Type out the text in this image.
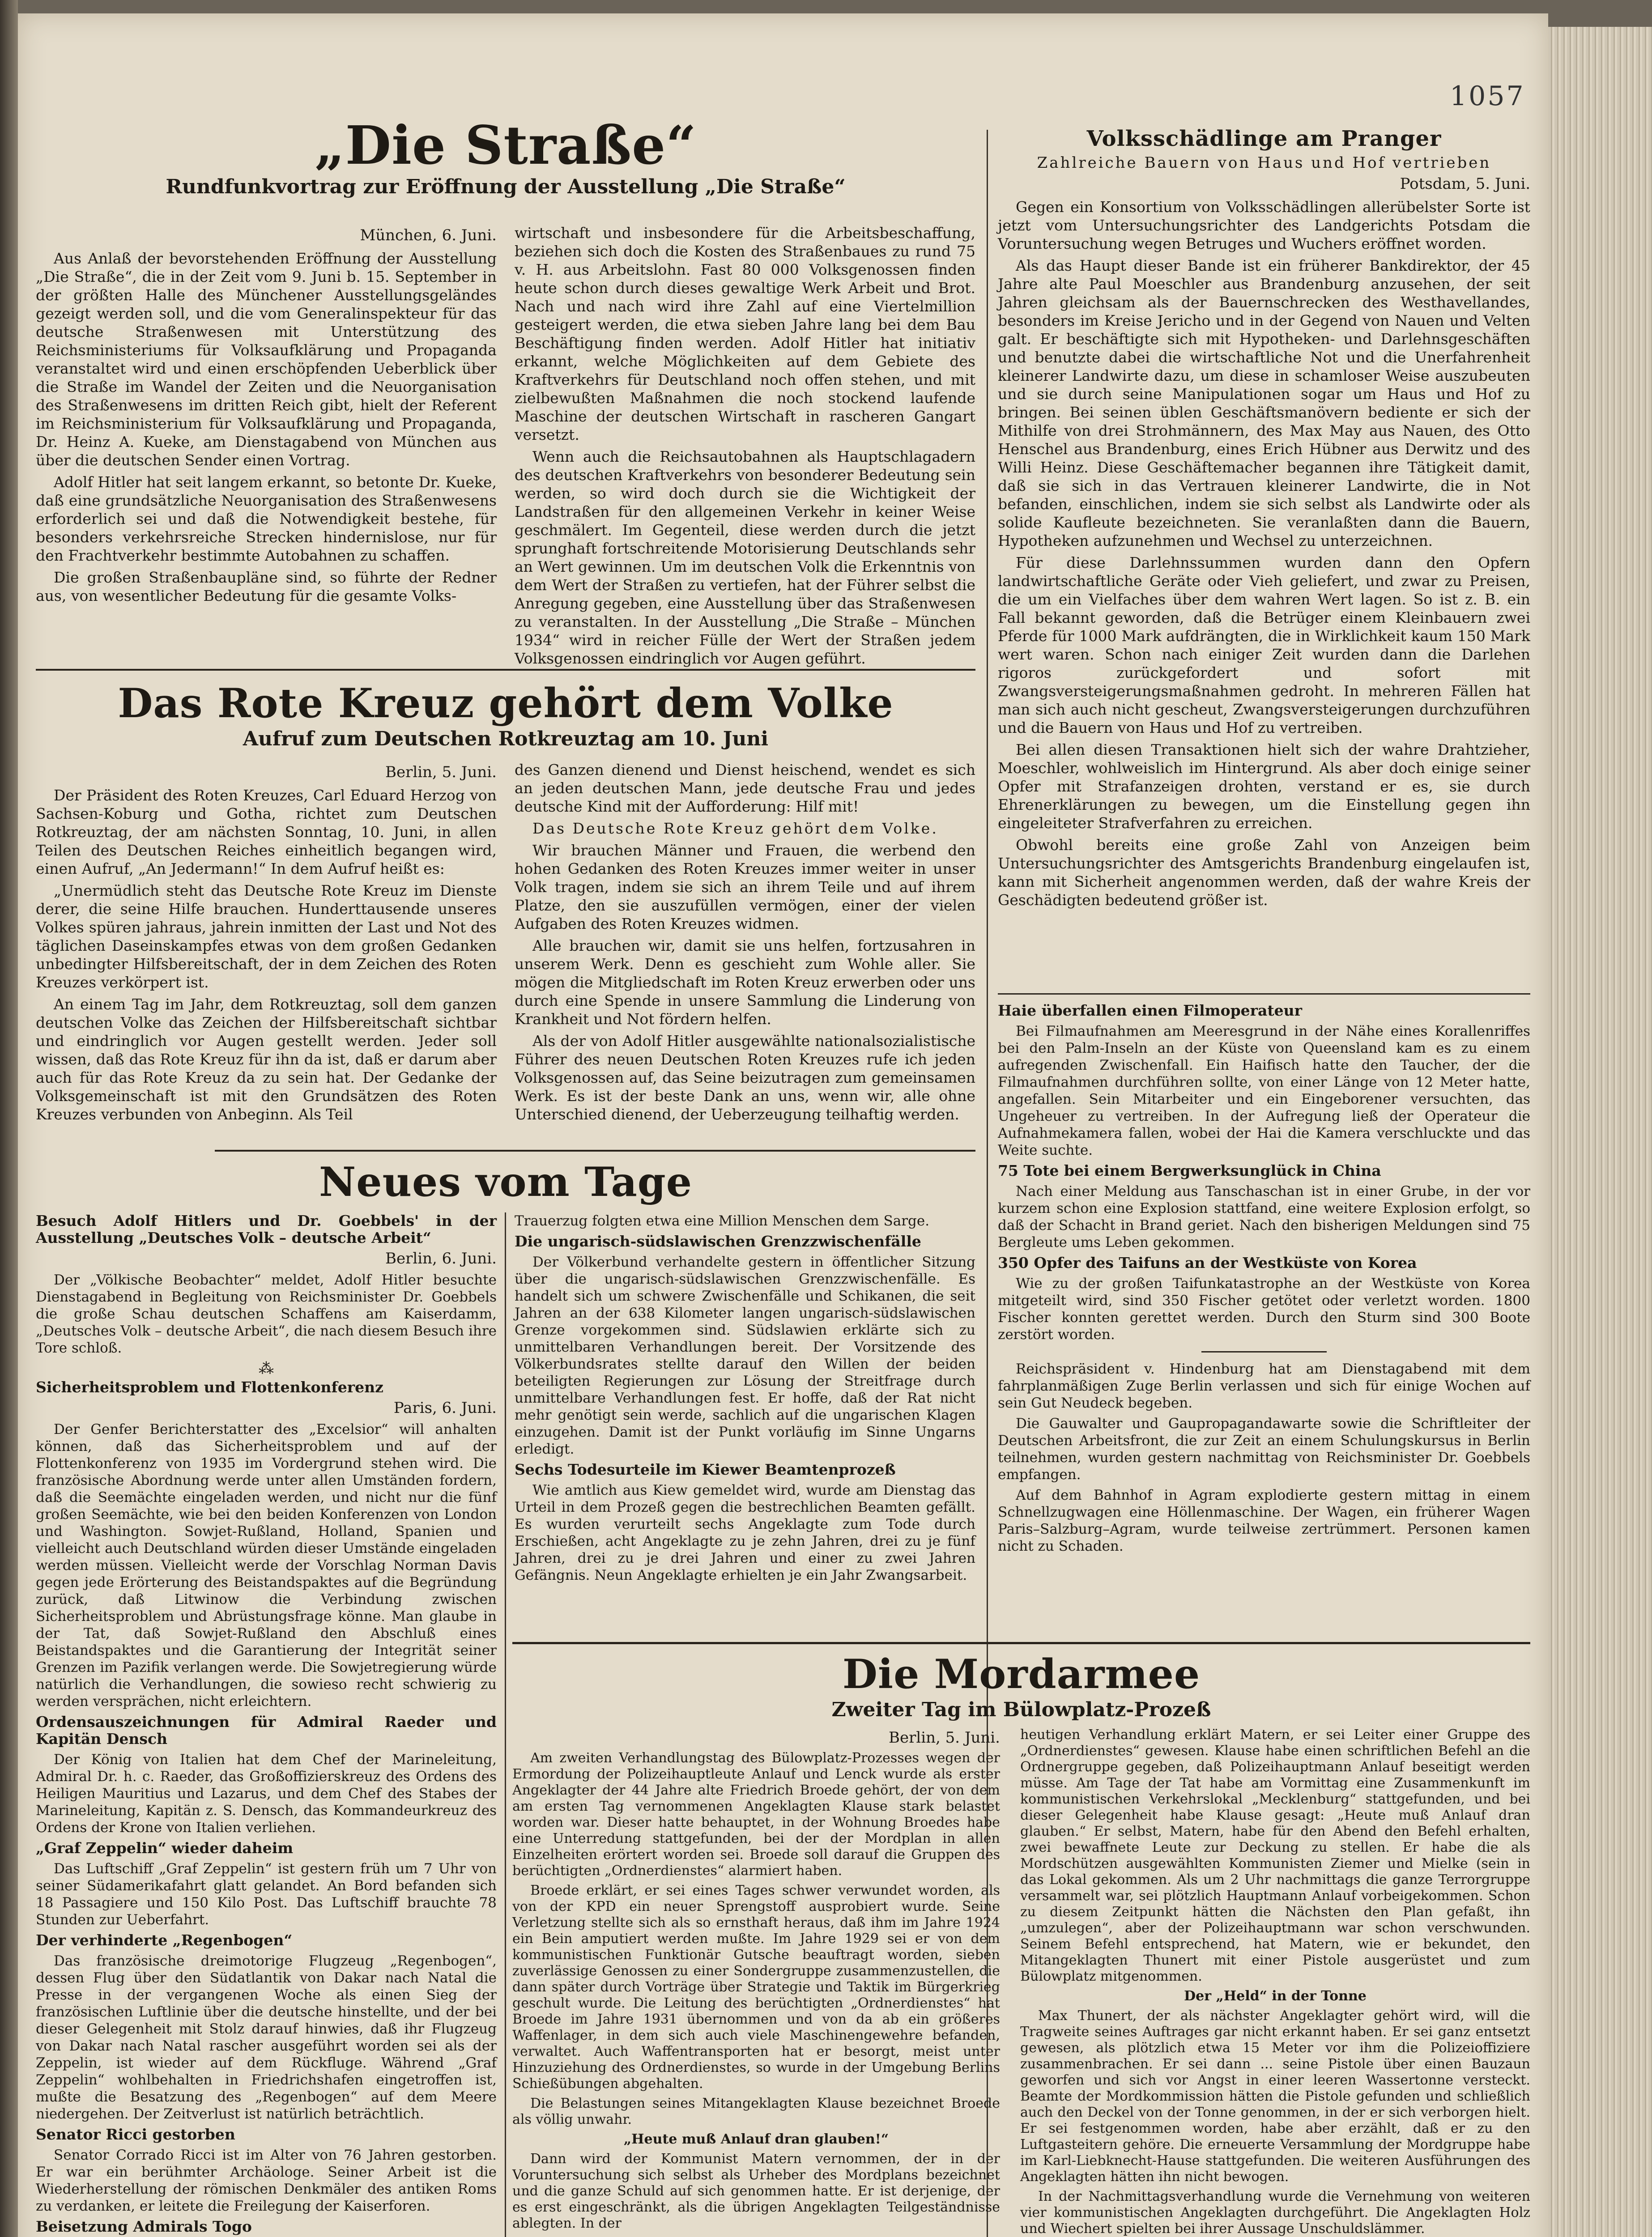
1057
„Die Straße“

Rundfunkvortrag zur Eröffnung der Ausstellung „Die Straße“

München, 6. Juni.

Aus Anlaß der bevorstehenden Eröffnung der Ausstellung „Die Straße“, die in der Zeit vom 9. Juni b. 15. September in der größten Halle des Münchener Ausstellungsgeländes gezeigt werden soll, und die vom Generalinspekteur für das deutsche Straßenwesen mit Unterstützung des Reichsministeriums für Volksaufklärung und Propaganda veranstaltet wird und einen erschöpfenden Ueberblick über die Straße im Wandel der Zeiten und die Neuorganisation des Straßenwesens im dritten Reich gibt, hielt der Referent im Reichsministerium für Volksaufklärung und Propaganda, Dr. Heinz A. Kueke, am Dienstagabend von München aus über die deutschen Sender einen Vortrag.

Adolf Hitler hat seit langem erkannt, so betonte Dr. Kueke, daß eine grundsätzliche Neuorganisation des Straßenwesens erforderlich sei und daß die Notwendigkeit bestehe, für besonders verkehrsreiche Strecken hindernislose, nur für den Frachtverkehr bestimmte Autobahnen zu schaffen.

Die großen Straßenbaupläne sind, so führte der Redner aus, von wesentlicher Bedeutung für die gesamte Volks-

wirtschaft und insbesondere für die Arbeitsbeschaffung, beziehen sich doch die Kosten des Straßenbaues zu rund 75 v. H. aus Arbeitslohn. Fast 80 000 Volksgenossen finden heute schon durch dieses gewaltige Werk Arbeit und Brot. Nach und nach wird ihre Zahl auf eine Viertelmillion gesteigert werden, die etwa sieben Jahre lang bei dem Bau Beschäftigung finden werden. Adolf Hitler hat initiativ erkannt, welche Möglichkeiten auf dem Gebiete des Kraftverkehrs für Deutschland noch offen stehen, und mit zielbewußten Maßnahmen die noch stockend laufende Maschine der deutschen Wirtschaft in rascheren Gangart versetzt.

Wenn auch die Reichsautobahnen als Hauptschlagadern des deutschen Kraftverkehrs von besonderer Bedeutung sein werden, so wird doch durch sie die Wichtigkeit der Landstraßen für den allgemeinen Verkehr in keiner Weise geschmälert. Im Gegenteil, diese werden durch die jetzt sprunghaft fortschreitende Motorisierung Deutschlands sehr an Wert gewinnen. Um im deutschen Volk die Erkenntnis von dem Wert der Straßen zu vertiefen, hat der Führer selbst die Anregung gegeben, eine Ausstellung über das Straßenwesen zu veranstalten. In der Ausstellung „Die Straße – München 1934“ wird in reicher Fülle der Wert der Straßen jedem Volksgenossen eindringlich vor Augen geführt.

Das Rote Kreuz gehört dem Volke

Aufruf zum Deutschen Rotkreuztag am 10. Juni

Berlin, 5. Juni.

Der Präsident des Roten Kreuzes, Carl Eduard Herzog von Sachsen-Koburg und Gotha, richtet zum Deutschen Rotkreuztag, der am nächsten Sonntag, 10. Juni, in allen Teilen des Deutschen Reiches einheitlich begangen wird, einen Aufruf, „An Jedermann!“ In dem Aufruf heißt es:

„Unermüdlich steht das Deutsche Rote Kreuz im Dienste derer, die seine Hilfe brauchen. Hunderttausende unseres Volkes spüren jahraus, jahrein inmitten der Last und Not des täglichen Daseinskampfes etwas von dem großen Gedanken unbedingter Hilfsbereitschaft, der in dem Zeichen des Roten Kreuzes verkörpert ist.

An einem Tag im Jahr, dem Rotkreuztag, soll dem ganzen deutschen Volke das Zeichen der Hilfsbereitschaft sichtbar und eindringlich vor Augen gestellt werden. Jeder soll wissen, daß das Rote Kreuz für ihn da ist, daß er darum aber auch für das Rote Kreuz da zu sein hat. Der Gedanke der Volksgemeinschaft ist mit den Grundsätzen des Roten Kreuzes verbunden von Anbeginn. Als Teil

des Ganzen dienend und Dienst heischend, wendet es sich an jeden deutschen Mann, jede deutsche Frau und jedes deutsche Kind mit der Aufforderung: Hilf mit!

Das Deutsche Rote Kreuz gehört dem Volke.

Wir brauchen Männer und Frauen, die werbend den hohen Gedanken des Roten Kreuzes immer weiter in unser Volk tragen, indem sie sich an ihrem Teile und auf ihrem Platze, den sie auszufüllen vermögen, einer der vielen Aufgaben des Roten Kreuzes widmen.

Alle brauchen wir, damit sie uns helfen, fortzusahren in unserem Werk. Denn es geschieht zum Wohle aller. Sie mögen die Mitgliedschaft im Roten Kreuz erwerben oder uns durch eine Spende in unsere Sammlung die Linderung von Krankheit und Not fördern helfen.

Als der von Adolf Hitler ausgewählte nationalsozialistische Führer des neuen Deutschen Roten Kreuzes rufe ich jeden Volksgenossen auf, das Seine beizutragen zum gemeinsamen Werk. Es ist der beste Dank an uns, wenn wir, alle ohne Unterschied dienend, der Ueberzeugung teilhaftig werden.

Neues vom Tage

Besuch Adolf Hitlers und Dr. Goebbels' in der Ausstellung „Deutsches Volk – deutsche Arbeit“

Berlin, 6. Juni.

Der „Völkische Beobachter“ meldet, Adolf Hitler besuchte Dienstagabend in Begleitung von Reichsminister Dr. Goebbels die große Schau deutschen Schaffens am Kaiserdamm, „Deutsches Volk – deutsche Arbeit“, die nach diesem Besuch ihre Tore schloß.

⁂

Sicherheitsproblem und Flottenkonferenz

Paris, 6. Juni.

Der Genfer Berichterstatter des „Excelsior“ will anhalten können, daß das Sicherheitsproblem und auf der Flottenkonferenz von 1935 im Vordergrund stehen wird. Die französische Abordnung werde unter allen Umständen fordern, daß die Seemächte eingeladen werden, und nicht nur die fünf großen Seemächte, wie bei den beiden Konferenzen von London und Washington. Sowjet-Rußland, Holland, Spanien und vielleicht auch Deutschland würden dieser Umstände eingeladen werden müssen. Vielleicht werde der Vorschlag Norman Davis gegen jede Erörterung des Beistandspaktes auf die Begründung zurück, daß Litwinow die Verbindung zwischen Sicherheitsproblem und Abrüstungsfrage könne. Man glaube in der Tat, daß Sowjet-Rußland den Abschluß eines Beistandspaktes und die Garantierung der Integrität seiner Grenzen im Pazifik verlangen werde. Die Sowjetregierung würde natürlich die Verhandlungen, die sowieso recht schwierig zu werden versprächen, nicht erleichtern.

Ordensauszeichnungen für Admiral Raeder und Kapitän Densch

Der König von Italien hat dem Chef der Marineleitung, Admiral Dr. h. c. Raeder, das Großoffizierskreuz des Ordens des Heiligen Mauritius und Lazarus, und dem Chef des Stabes der Marineleitung, Kapitän z. S. Densch, das Kommandeurkreuz des Ordens der Krone von Italien verliehen.

„Graf Zeppelin“ wieder daheim

Das Luftschiff „Graf Zeppelin“ ist gestern früh um 7 Uhr von seiner Südamerikafahrt glatt gelandet. An Bord befanden sich 18 Passagiere und 150 Kilo Post. Das Luftschiff brauchte 78 Stunden zur Ueberfahrt.

Der verhinderte „Regenbogen“

Das französische dreimotorige Flugzeug „Regenbogen“, dessen Flug über den Südatlantik von Dakar nach Natal die Presse in der vergangenen Woche als einen Sieg der französischen Luftlinie über die deutsche hinstellte, und der bei dieser Gelegenheit mit Stolz darauf hinwies, daß ihr Flugzeug von Dakar nach Natal rascher ausgeführt worden sei als der Zeppelin, ist wieder auf dem Rückfluge. Während „Graf Zeppelin“ wohlbehalten in Friedrichshafen eingetroffen ist, mußte die Besatzung des „Regenbogen“ auf dem Meere niedergehen. Der Zeitverlust ist natürlich beträchtlich.

Senator Ricci gestorben

Senator Corrado Ricci ist im Alter von 76 Jahren gestorben. Er war ein berühmter Archäologe. Seiner Arbeit ist die Wiederherstellung der römischen Denkmäler des antiken Roms zu verdanken, er leitete die Freilegung der Kaiserforen.

Beisetzung Admirals Togo

Trauerzug folgten etwa eine Million Menschen dem Sarge.

Die ungarisch-südslawischen Grenzzwischenfälle

Der Völkerbund verhandelte gestern in öffentlicher Sitzung über die ungarisch-südslawischen Grenzzwischenfälle. Es handelt sich um schwere Zwischenfälle und Schikanen, die seit Jahren an der 638 Kilometer langen ungarisch-südslawischen Grenze vorgekommen sind. Südslawien erklärte sich zu unmittelbaren Verhandlungen bereit. Der Vorsitzende des Völkerbundsrates stellte darauf den Willen der beiden beteiligten Regierungen zur Lösung der Streitfrage durch unmittelbare Verhandlungen fest. Er hoffe, daß der Rat nicht mehr genötigt sein werde, sachlich auf die ungarischen Klagen einzugehen. Damit ist der Punkt vorläufig im Sinne Ungarns erledigt.

Sechs Todesurteile im Kiewer Beamtenprozeß

Wie amtlich aus Kiew gemeldet wird, wurde am Dienstag das Urteil in dem Prozeß gegen die bestrechlichen Beamten gefällt. Es wurden verurteilt sechs Angeklagte zum Tode durch Erschießen, acht Angeklagte zu je zehn Jahren, drei zu je fünf Jahren, drei zu je drei Jahren und einer zu zwei Jahren Gefängnis. Neun Angeklagte erhielten je ein Jahr Zwangsarbeit.

Volksschädlinge am Pranger

Zahlreiche Bauern von Haus und Hof vertrieben

Potsdam, 5. Juni.

Gegen ein Konsortium von Volksschädlingen allerübelster Sorte ist jetzt vom Untersuchungsrichter des Landgerichts Potsdam die Voruntersuchung wegen Betruges und Wuchers eröffnet worden.

Als das Haupt dieser Bande ist ein früherer Bankdirektor, der 45 Jahre alte Paul Moeschler aus Brandenburg anzusehen, der seit Jahren gleichsam als der Bauernschrecken des Westhavellandes, besonders im Kreise Jericho und in der Gegend von Nauen und Velten galt. Er beschäftigte sich mit Hypotheken- und Darlehnsgeschäften und benutzte dabei die wirtschaftliche Not und die Unerfahrenheit kleinerer Landwirte dazu, um diese in schamloser Weise auszubeuten und sie durch seine Manipulationen sogar um Haus und Hof zu bringen. Bei seinen üblen Geschäftsmanövern bediente er sich der Mithilfe von drei Strohmännern, des Max May aus Nauen, des Otto Henschel aus Brandenburg, eines Erich Hübner aus Derwitz und des Willi Heinz. Diese Geschäftemacher begannen ihre Tätigkeit damit, daß sie sich in das Vertrauen kleinerer Landwirte, die in Not befanden, einschlichen, indem sie sich selbst als Landwirte oder als solide Kaufleute bezeichneten. Sie veranlaßten dann die Bauern, Hypotheken aufzunehmen und Wechsel zu unterzeichnen.

Für diese Darlehnssummen wurden dann den Opfern landwirtschaftliche Geräte oder Vieh geliefert, und zwar zu Preisen, die um ein Vielfaches über dem wahren Wert lagen. So ist z. B. ein Fall bekannt geworden, daß die Betrüger einem Kleinbauern zwei Pferde für 1000 Mark aufdrängten, die in Wirklichkeit kaum 150 Mark wert waren. Schon nach einiger Zeit wurden dann die Darlehen rigoros zurückgefordert und sofort mit Zwangsversteigerungsmaßnahmen gedroht. In mehreren Fällen hat man sich auch nicht gescheut, Zwangsversteigerungen durchzuführen und die Bauern von Haus und Hof zu vertreiben.

Bei allen diesen Transaktionen hielt sich der wahre Drahtzieher, Moeschler, wohlweislich im Hintergrund. Als aber doch einige seiner Opfer mit Strafanzeigen drohten, verstand er es, sie durch Ehrenerklärungen zu bewegen, um die Einstellung gegen ihn eingeleiteter Strafverfahren zu erreichen.

Obwohl bereits eine große Zahl von Anzeigen beim Untersuchungsrichter des Amtsgerichts Brandenburg eingelaufen ist, kann mit Sicherheit angenommen werden, daß der wahre Kreis der Geschädigten bedeutend größer ist.

Haie überfallen einen Filmoperateur

Bei Filmaufnahmen am Meeresgrund in der Nähe eines Korallenriffes bei den Palm-Inseln an der Küste von Queensland kam es zu einem aufregenden Zwischenfall. Ein Haifisch hatte den Taucher, der die Filmaufnahmen durchführen sollte, von einer Länge von 12 Meter hatte, angefallen. Sein Mitarbeiter und ein Eingeborener versuchten, das Ungeheuer zu vertreiben. In der Aufregung ließ der Operateur die Aufnahmekamera fallen, wobei der Hai die Kamera verschluckte und das Weite suchte.

75 Tote bei einem Bergwerksunglück in China

Nach einer Meldung aus Tanschaschan ist in einer Grube, in der vor kurzem schon eine Explosion stattfand, eine weitere Explosion erfolgt, so daß der Schacht in Brand geriet. Nach den bisherigen Meldungen sind 75 Bergleute ums Leben gekommen.

350 Opfer des Taifuns an der Westküste von Korea

Wie zu der großen Taifunkatastrophe an der Westküste von Korea mitgeteilt wird, sind 350 Fischer getötet oder verletzt worden. 1800 Fischer konnten gerettet werden. Durch den Sturm sind 300 Boote zerstört worden.

Reichspräsident v. Hindenburg hat am Dienstagabend mit dem fahrplanmäßigen Zuge Berlin verlassen und sich für einige Wochen auf sein Gut Neudeck begeben.

Die Gauwalter und Gaupropagandawarte sowie die Schriftleiter der Deutschen Arbeitsfront, die zur Zeit an einem Schulungskursus in Berlin teilnehmen, wurden gestern nachmittag von Reichsminister Dr. Goebbels empfangen.

Auf dem Bahnhof in Agram explodierte gestern mittag in einem Schnellzugwagen eine Höllenmaschine. Der Wagen, ein früherer Wagen Paris–Salzburg–Agram, wurde teilweise zertrümmert. Personen kamen nicht zu Schaden.

Die Mordarmee

Zweiter Tag im Bülowplatz-Prozeß

Berlin, 5. Juni.

Am zweiten Verhandlungstag des Bülowplatz-Prozesses wegen der Ermordung der Polizeihauptleute Anlauf und Lenck wurde als erster Angeklagter der 44 Jahre alte Friedrich Broede gehört, der von dem am ersten Tag vernommenen Angeklagten Klause stark belastet worden war. Dieser hatte behauptet, in der Wohnung Broedes habe eine Unterredung stattgefunden, bei der der Mordplan in allen Einzelheiten erörtert worden sei. Broede soll darauf die Gruppen des berüchtigten „Ordnerdienstes“ alarmiert haben.

Broede erklärt, er sei eines Tages schwer verwundet worden, als von der KPD ein neuer Sprengstoff ausprobiert wurde. Seine Verletzung stellte sich als so ernsthaft heraus, daß ihm im Jahre 1924 ein Bein amputiert werden mußte. Im Jahre 1929 sei er von dem kommunistischen Funktionär Gutsche beauftragt worden, sieben zuverlässige Genossen zu einer Sondergruppe zusammenzustellen, die dann später durch Vorträge über Strategie und Taktik im Bürgerkrieg geschult wurde. Die Leitung des berüchtigten „Ordnerdienstes“ hat Broede im Jahre 1931 übernommen und von da ab ein größeres Waffenlager, in dem sich auch viele Maschinengewehre befanden, verwaltet. Auch Waffentransporten hat er besorgt, meist unter Hinzuziehung des Ordnerdienstes, so wurde in der Umgebung Berlins Schießübungen abgehalten.

Die Belastungen seines Mitangeklagten Klause bezeichnet Broede als völlig unwahr.

„Heute muß Anlauf dran glauben!“

Dann wird der Kommunist Matern vernommen, der in der Voruntersuchung sich selbst als Urheber des Mordplans bezeichnet und die ganze Schuld auf sich genommen hatte. Er ist derjenige, der es erst eingeschränkt, als die übrigen Angeklagten Teilgeständnisse ablegten. In der

heutigen Verhandlung erklärt Matern, er sei Leiter einer Gruppe des „Ordnerdienstes“ gewesen. Klause habe einen schriftlichen Befehl an die Ordnergruppe gegeben, daß Polizeihauptmann Anlauf beseitigt werden müsse. Am Tage der Tat habe am Vormittag eine Zusammenkunft im kommunistischen Verkehrslokal „Mecklenburg“ stattgefunden, und bei dieser Gelegenheit habe Klause gesagt: „Heute muß Anlauf dran glauben.“ Er selbst, Matern, habe für den Abend den Befehl erhalten, zwei bewaffnete Leute zur Deckung zu stellen. Er habe die als Mordschützen ausgewählten Kommunisten Ziemer und Mielke (sein in das Lokal gekommen. Als um 2 Uhr nachmittags die ganze Terrorgruppe versammelt war, sei plötzlich Hauptmann Anlauf vorbeigekommen. Schon zu diesem Zeitpunkt hätten die Nächsten den Plan gefaßt, ihn „umzulegen“, aber der Polizeihauptmann war schon verschwunden. Seinem Befehl entsprechend, hat Matern, wie er bekundet, den Mitangeklagten Thunert mit einer Pistole ausgerüstet und zum Bülowplatz mitgenommen.

Der „Held“ in der Tonne

Max Thunert, der als nächster Angeklagter gehört wird, will die Tragweite seines Auftrages gar nicht erkannt haben. Er sei ganz entsetzt gewesen, als plötzlich etwa 15 Meter vor ihm die Polizeioffiziere zusammenbrachen. Er sei dann ... seine Pistole über einen Bauzaun geworfen und sich vor Angst in einer leeren Wassertonne versteckt. Beamte der Mordkommission hätten die Pistole gefunden und schließlich auch den Deckel von der Tonne genommen, in der er sich verborgen hielt. Er sei festgenommen worden, habe aber erzählt, daß er zu den Luftgasteitern gehöre. Die erneuerte Versammlung der Mordgruppe habe im Karl-Liebknecht-Hause stattgefunden. Die weiteren Ausführungen des Angeklagten hätten ihn nicht bewogen.

In der Nachmittagsverhandlung wurde die Vernehmung von weiteren vier kommunistischen Angeklagten durchgeführt. Die Angeklagten Holz und Wiechert spielten bei ihrer Aussage Unschuldslämmer.
